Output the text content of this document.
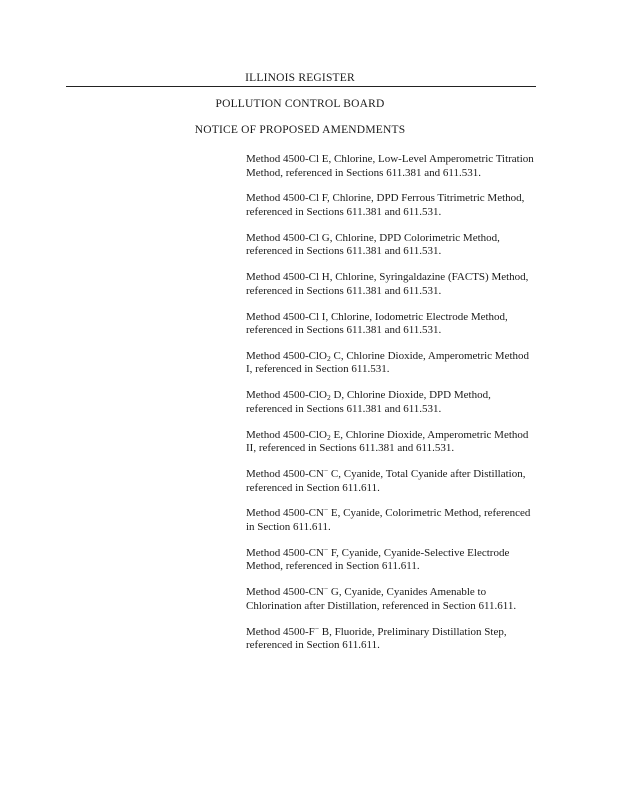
ILLINOIS REGISTER
POLLUTION CONTROL BOARD
NOTICE OF PROPOSED AMENDMENTS

Method 4500-Cl E, Chlorine, Low-Level Amperometric Titration Method, referenced in Sections 611.381 and 611.531.

Method 4500-Cl F, Chlorine, DPD Ferrous Titrimetric Method, referenced in Sections 611.381 and 611.531.

Method 4500-Cl G, Chlorine, DPD Colorimetric Method, referenced in Sections 611.381 and 611.531.

Method 4500-Cl H, Chlorine, Syringaldazine (FACTS) Method, referenced in Sections 611.381 and 611.531.

Method 4500-Cl I, Chlorine, Iodometric Electrode Method, referenced in Sections 611.381 and 611.531.

Method 4500-ClO$_2$ C, Chlorine Dioxide, Amperometric Method I, referenced in Section 611.531.

Method 4500-ClO$_2$ D, Chlorine Dioxide, DPD Method, referenced in Sections 611.381 and 611.531.

Method 4500-ClO$_2$ E, Chlorine Dioxide, Amperometric Method II, referenced in Sections 611.381 and 611.531.

Method 4500-CN− C, Cyanide, Total Cyanide after Distillation, referenced in Section 611.611.

Method 4500-CN− E, Cyanide, Colorimetric Method, referenced in Section 611.611.

Method 4500-CN− F, Cyanide, Cyanide-Selective Electrode Method, referenced in Section 611.611.

Method 4500-CN− G, Cyanide, Cyanides Amenable to Chlorination after Distillation, referenced in Section 611.611.

Method 4500-F− B, Fluoride, Preliminary Distillation Step, referenced in Section 611.611.
